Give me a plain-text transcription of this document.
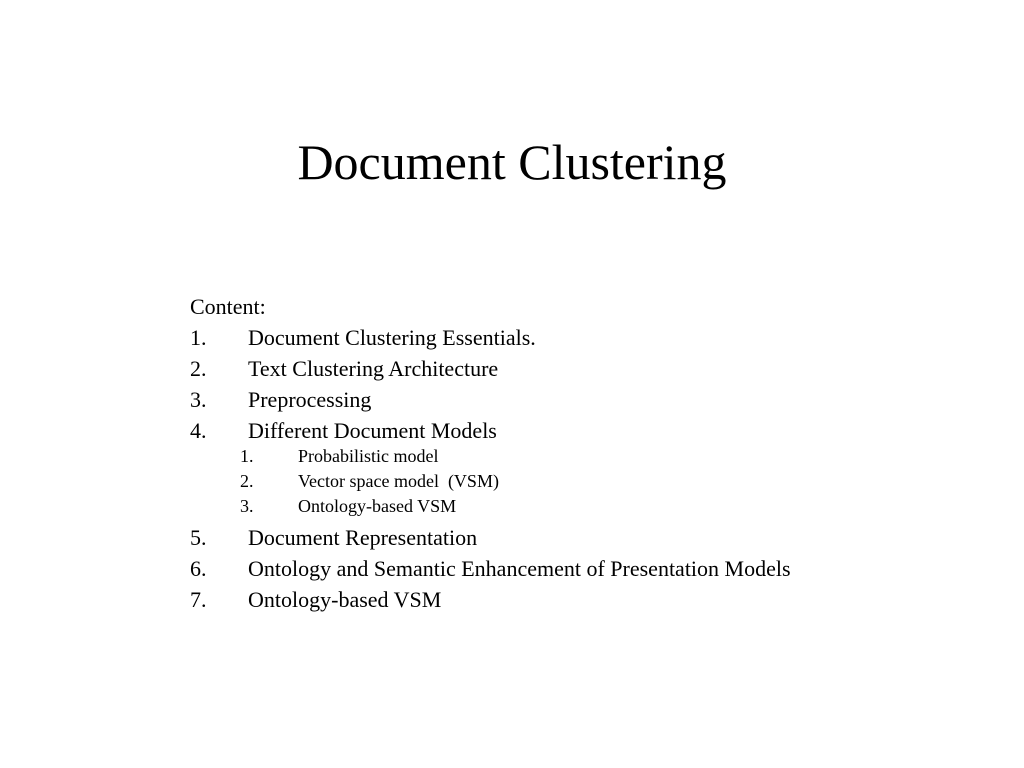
Document Clustering
Content:
1.	Document Clustering Essentials.
2.	Text Clustering Architecture
3.	Preprocessing
4.	Different Document Models
1.	Probabilistic model
2.	Vector space model  (VSM)
3.	Ontology-based VSM
5.	Document Representation
6.	Ontology and Semantic Enhancement of Presentation Models
7.	Ontology-based VSM
